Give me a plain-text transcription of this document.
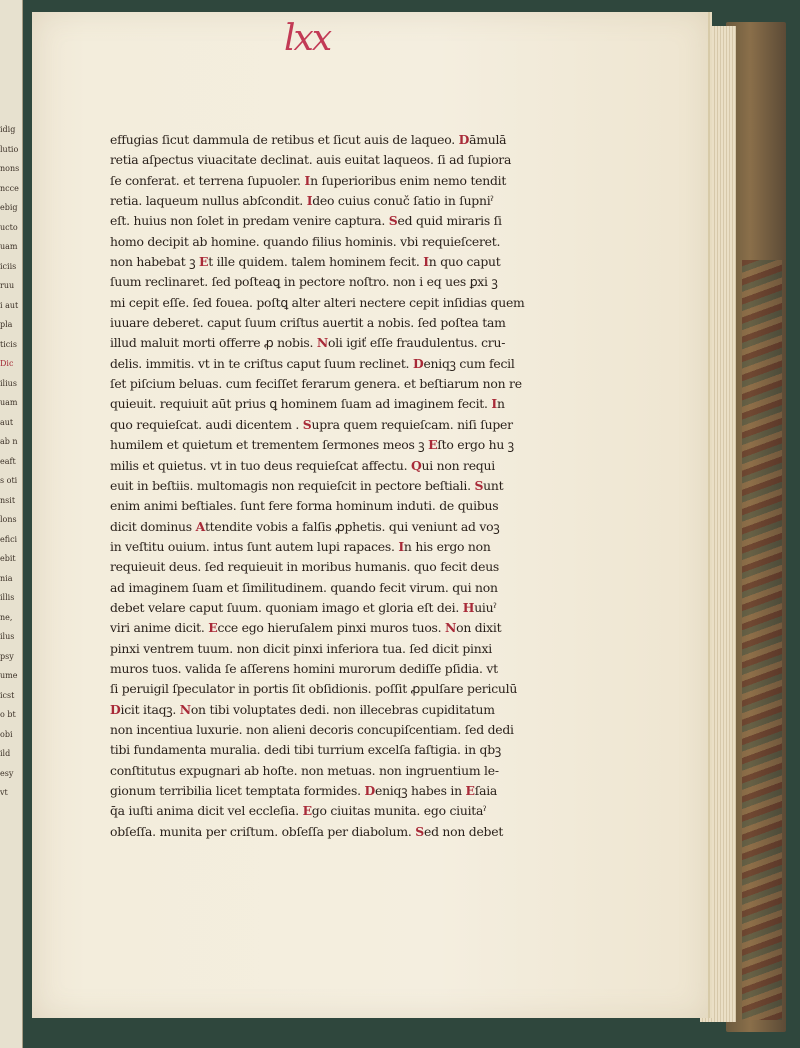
idig
lutio
nons
ncce
ebig
ucto
uam
iciis
ruu
i aut
pla
ticis
Dic
ilius
uam
aut
ab n
eaft
s oti
nsit
lons
efici
ebit
nia
illis
ne,
ilus
psy
ume
icst
o bt
obi
ild
esy
vt
lxx
effugias ſicut dammula de retibus et ſicut auis de laqueo. Dāmulā
retia aſpectus viuacitate declinat. auis euitat laqueos. ſi ad ſupiora
ſe conferat. et terrena ſupuoler. In ſuperioribus enim nemo tendit
retia. laqueum nullus abſcondit. Ideo cuius conuč ſatio in ſupniˀ
eſt. huius non ſolet in predam venire captura. Sed quid miraris ſi
homo decipit ab homine. quando filius hominis. vbi requieſceret.
non habebat ꝫ Et ille quidem. talem hominem fecit. In quo caput
ſuum reclinaret. ſed poſteaꝗ in pectore noſtro. non i eq ues ꝑxi ꝫ
mi cepit eſſe. ſed fouea. poſtꝗ alter alteri nectere cepit inſidias quem
iuuare deberet. caput ſuum criſtus auertit a nobis. ſed poſtea tam
illud maluit morti offerre ꝓ nobis. Noli igiť eſſe fraudulentus. cru-
delis. immitis. vt in te criſtus caput ſuum reclinet. Deniqꝫ cum fecil
ſet piſcium beluas. cum feciſſet ferarum genera. et beſtiarum non re
quieuit. requiuit aūt prius ꝗ hominem ſuam ad imaginem fecit. In
quo requieſcat. audi dicentem . Supra quem requieſcam. niſi ſuper
humilem et quietum et trementem ſermones meos ꝫ Eſto ergo hu ꝫ
milis et quietus. vt in tuo deus requieſcat affectu. Qui non requi
euit in beſtiis. multomagis non requieſcit in pectore beſtiali. Sunt
enim animi beſtiales. ſunt fere forma hominum induti. de quibus
dicit dominus Attendite vobis a falſis ꝓphetis. qui veniunt ad voꝫ
in veſtitu ouium. intus ſunt autem lupi rapaces. In his ergo non
requieuit deus. ſed requieuit in moribus humanis. quo fecit deus
ad imaginem ſuam et ſimilitudinem. quando fecit virum. qui non
debet velare caput ſuum. quoniam imago et gloria eſt dei. Huiuˀ
viri anime dicit. Ecce ego hieruſalem pinxi muros tuos. Non dixit
pinxi ventrem tuum. non dicit pinxi inferiora tua. ſed dicit pinxi
muros tuos. valida ſe aſſerens homini murorum dediſſe pſidia. vt
ſi peruigil ſpeculator in portis ſit obſidionis. poſſit ꝓpulſare periculū
Dicit itaqꝫ. Non tibi voluptates dedi. non illecebras cupiditatum
non incentiua luxurie. non alieni decoris concupiſcentiam. ſed dedi
tibi fundamenta muralia. dedi tibi turrium excelſa faſtigia. in qbꝫ
conſtitutus expugnari ab hoſte. non metuas. non ingruentium le-
gionum terribilia licet temptata formides. Deniqꝫ habes in Eſaia
q̄a iuſti anima dicit vel eccleſia. Ego ciuitas munita. ego ciuitaˀ
obſeſſa. munita per criſtum. obſeſſa per diabolum. Sed non debet
